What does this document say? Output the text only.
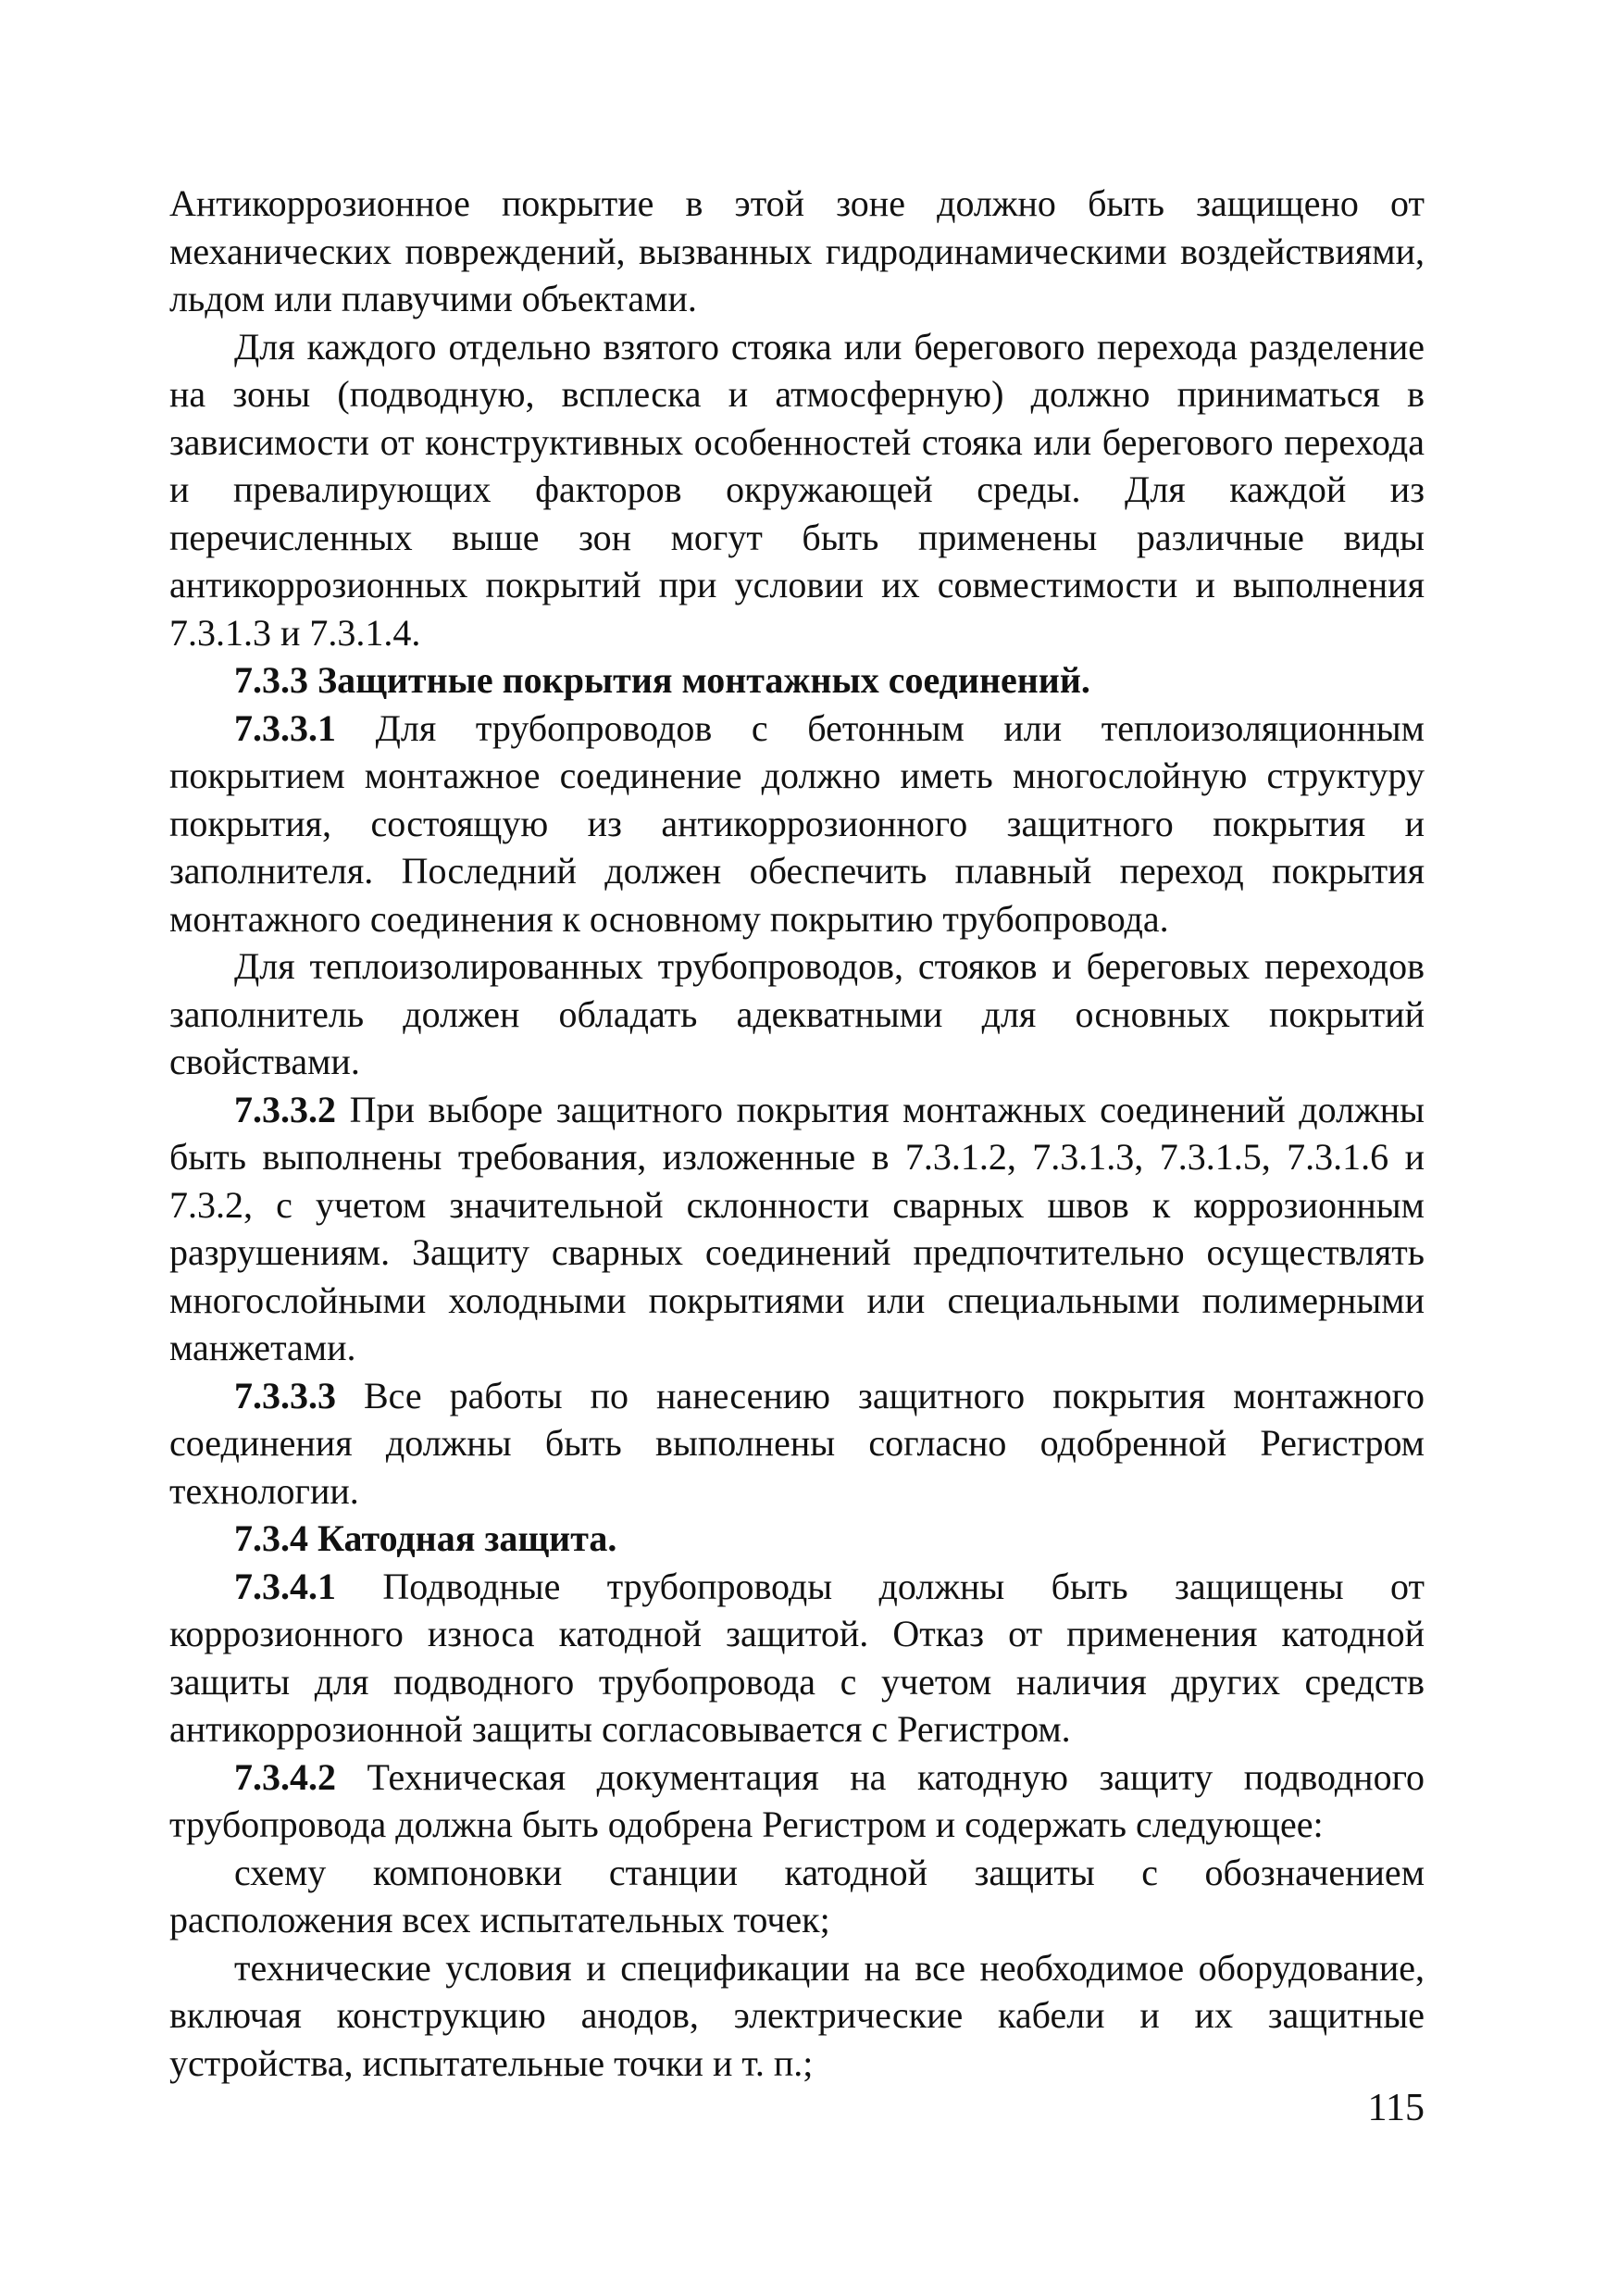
Антикоррозионное покрытие в этой зоне должно быть защищено от механических повреждений, вызванных гидродинамическими воздействиями, льдом или плавучими объектами.

Для каждого отдельно взятого стояка или берегового перехода разделение на зоны (подводную, всплеска и атмосферную) должно приниматься в зависимости от конструктивных особенностей стояка или берегового перехода и превалирующих факторов окружающей среды. Для каждой из перечисленных выше зон могут быть применены различные виды антикоррозионных покрытий при условии их совместимости и выполнения 7.3.1.3 и 7.3.1.4.

7.3.3 Защитные покрытия монтажных соединений.

7.3.3.1 Для трубопроводов с бетонным или теплоизоляционным покрытием монтажное соединение должно иметь многослойную структуру покрытия, состоящую из антикоррозионного защитного покрытия и заполнителя. Последний должен обеспечить плавный переход покрытия монтажного соединения к основному покрытию трубопровода.

Для теплоизолированных трубопроводов, стояков и береговых переходов заполнитель должен обладать адекватными для основных покрытий свойствами.

7.3.3.2 При выборе защитного покрытия монтажных соединений должны быть выполнены требования, изложенные в 7.3.1.2, 7.3.1.3, 7.3.1.5, 7.3.1.6 и 7.3.2, с учетом значительной склонности сварных швов к коррозионным разрушениям. Защиту сварных соединений предпочтительно осуществлять многослойными холодными покрытиями или специальными полимерными манжетами.

7.3.3.3 Все работы по нанесению защитного покрытия монтажного соединения должны быть выполнены согласно одобренной Регистром технологии.

7.3.4 Катодная защита.

7.3.4.1 Подводные трубопроводы должны быть защищены от коррозионного износа катодной защитой. Отказ от применения катодной защиты для подводного трубопровода с учетом наличия других средств антикоррозионной защиты согласовывается с Регистром.

7.3.4.2 Техническая документация на катодную защиту подводного трубопровода должна быть одобрена Регистром и содержать следующее:

схему компоновки станции катодной защиты с обозначением расположения всех испытательных точек;

технические условия и спецификации на все необходимое оборудование, включая конструкцию анодов, электрические кабели и их защитные устройства, испытательные точки и т. п.;

115
